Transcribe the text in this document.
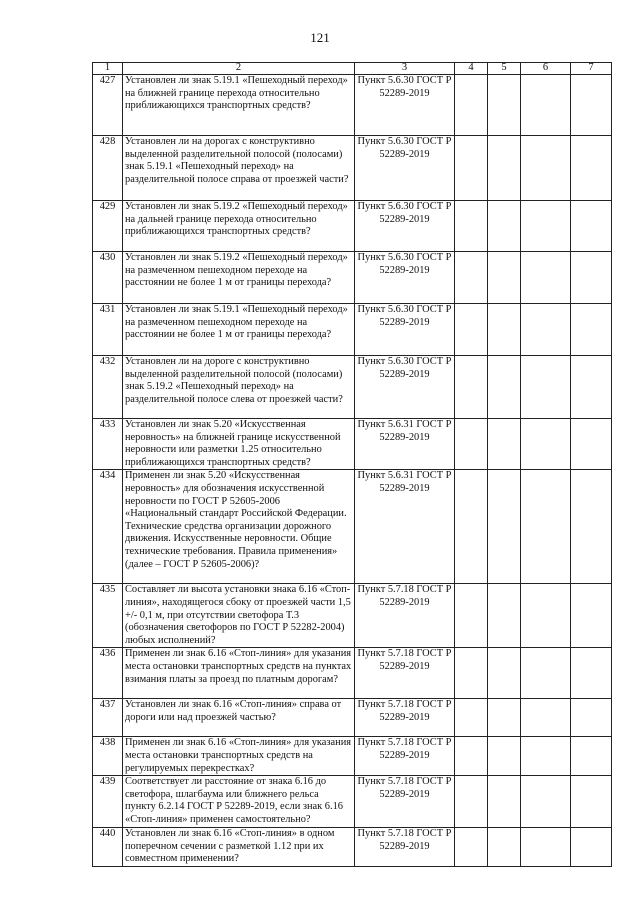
121
1	2	3	4	5	6	7
427	Установлен ли знак 5.19.1 «Пешеходный переход» на ближней границе перехода относительно приближающихся транспортных средств?	Пункт 5.6.30 ГОСТ Р 52289-2019				
428	Установлен ли на дорогах с конструктивно выделенной разделительной полосой (полосами) знак 5.19.1 «Пешеходный переход» на разделительной полосе справа от проезжей части?	Пункт 5.6.30 ГОСТ Р 52289-2019				
429	Установлен ли знак 5.19.2 «Пешеходный переход» на дальней границе перехода относительно приближающихся транспортных средств?	Пункт 5.6.30 ГОСТ Р 52289-2019				
430	Установлен ли знак 5.19.2 «Пешеходный переход» на размеченном пешеходном переходе на расстоянии не более 1 м от границы перехода?	Пункт 5.6.30 ГОСТ Р 52289-2019				
431	Установлен ли знак 5.19.1 «Пешеходный переход» на размеченном пешеходном переходе на расстоянии не более 1 м от границы перехода?	Пункт 5.6.30 ГОСТ Р 52289-2019				
432	Установлен ли на дороге с конструктивно выделенной разделительной полосой (полосами) знак 5.19.2 «Пешеходный переход» на разделительной полосе слева от проезжей части?	Пункт 5.6.30 ГОСТ Р 52289-2019				
433	Установлен ли знак 5.20 «Искусственная неровность» на ближней границе искусственной неровности или разметки 1.25 относительно приближающихся транспортных средств?	Пункт 5.6.31 ГОСТ Р 52289-2019				
434	Применен ли знак 5.20 «Искусственная неровность» для обозначения искусственной неровности по ГОСТ Р 52605-2006 «Национальный стандарт Российской Федерации. Технические средства организации дорожного движения. Искусственные неровности. Общие технические требования. Правила применения» (далее – ГОСТ Р 52605-2006)?	Пункт 5.6.31 ГОСТ Р 52289-2019				
435	Составляет ли высота установки знака 6.16 «Стоп-линия», находящегося сбоку от проезжей части 1,5 +/- 0,1 м, при отсутствии светофора Т.3 (обозначения светофоров по ГОСТ Р 52282-2004) любых исполнений?	Пункт 5.7.18 ГОСТ Р 52289-2019				
436	Применен ли знак 6.16 «Стоп-линия» для указания места остановки транспортных средств на пунктах взимания платы за проезд по платным дорогам?	Пункт 5.7.18 ГОСТ Р 52289-2019				
437	Установлен ли знак 6.16 «Стоп-линия» справа от дороги или над проезжей частью?	Пункт 5.7.18 ГОСТ Р 52289-2019				
438	Применен ли знак 6.16 «Стоп-линия» для указания места остановки транспортных средств на регулируемых перекрестках?	Пункт 5.7.18 ГОСТ Р 52289-2019				
439	Соответствует ли расстояние от знака 6.16 до светофора, шлагбаума или ближнего рельса пункту 6.2.14 ГОСТ Р 52289-2019, если знак 6.16 «Стоп-линия» применен самостоятельно?	Пункт 5.7.18 ГОСТ Р 52289-2019				
440	Установлен ли знак 6.16 «Стоп-линия» в одном поперечном сечении с разметкой 1.12 при их совместном применении?	Пункт 5.7.18 ГОСТ Р 52289-2019				
